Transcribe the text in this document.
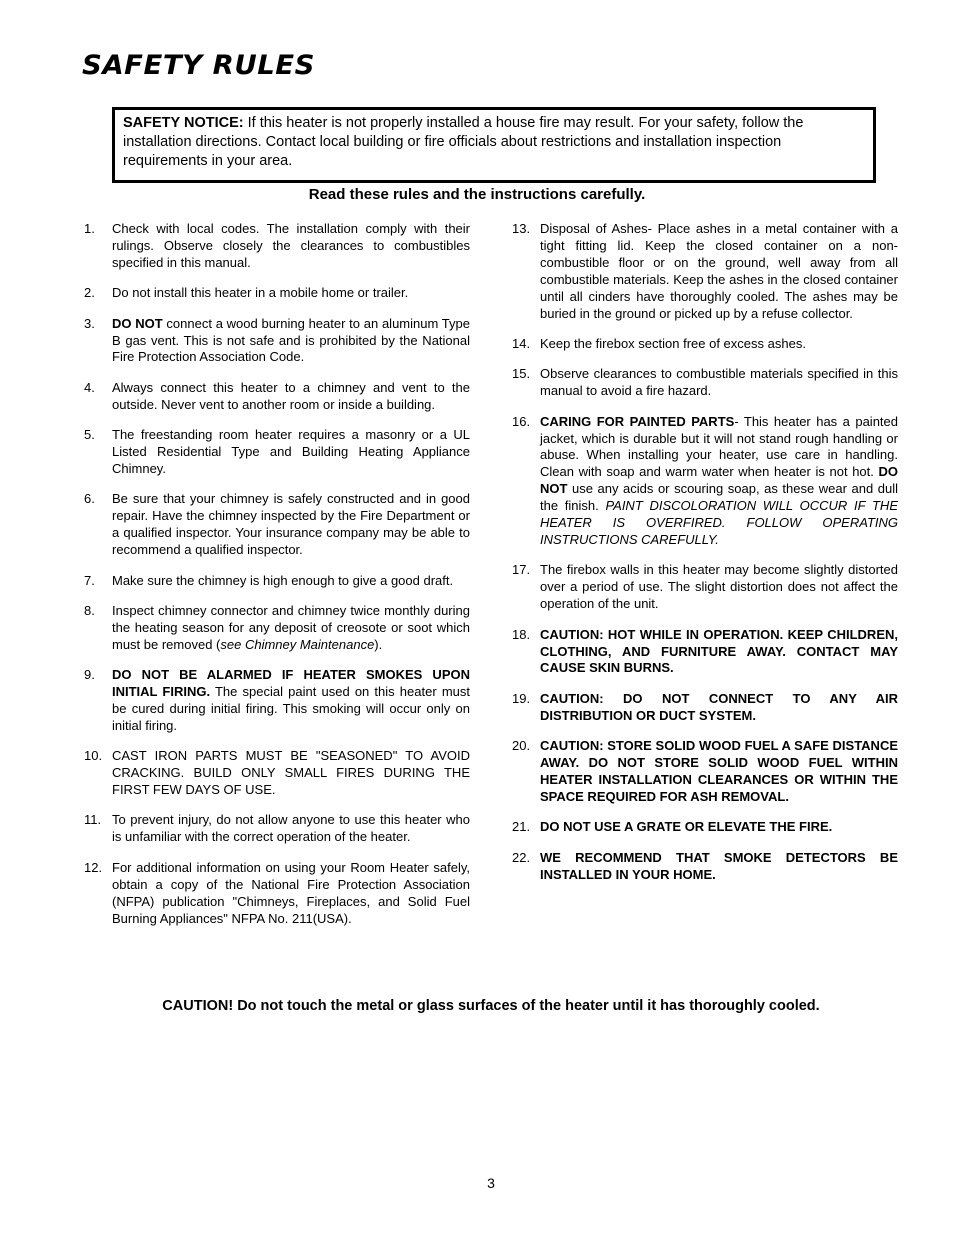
SAFETY RULES
SAFETY NOTICE: If this heater is not properly installed a house fire may result. For your safety, follow the installation directions. Contact local building or fire officials about restrictions and installation inspection requirements in your area.
Read these rules and the instructions carefully.
1.	Check with local codes. The installation comply with their rulings. Observe closely the clearances to combustibles specified in this manual.
2.	Do not install this heater in a mobile home or trailer.
3.	DO NOT connect a wood burning heater to an aluminum Type B gas vent. This is not safe and is prohibited by the National Fire Protection Association Code.
4.	Always connect this heater to a chimney and vent to the outside. Never vent to another room or inside a building.
5.	The freestanding room heater requires a masonry or a UL Listed Residential Type and Building Heating Appliance Chimney.
6.	Be sure that your chimney is safely constructed and in good repair. Have the chimney inspected by the Fire Department or a qualified inspector. Your insurance company may be able to recommend a qualified inspector.
7.	Make sure the chimney is high enough to give a good draft.
8.	Inspect chimney connector and chimney twice monthly during the heating season for any deposit of creosote or soot which must be removed (see Chimney Maintenance).
9.	DO NOT BE ALARMED IF HEATER SMOKES UPON INITIAL FIRING. The special paint used on this heater must be cured during initial firing. This smoking will occur only on initial firing.
10. CAST IRON PARTS MUST BE "SEASONED" TO AVOID CRACKING. BUILD ONLY SMALL FIRES DURING THE FIRST FEW DAYS OF USE.
11. To prevent injury, do not allow anyone to use this heater who is unfamiliar with the correct operation of the heater.
12. For additional information on using your Room Heater safely, obtain a copy of the National Fire Protection Association (NFPA) publication "Chimneys, Fireplaces, and Solid Fuel Burning Appliances" NFPA No. 211(USA).
13. Disposal of Ashes- Place ashes in a metal container with a tight fitting lid. Keep the closed container on a non-combustible floor or on the ground, well away from all combustible materials. Keep the ashes in the closed container until all cinders have thoroughly cooled. The ashes may be buried in the ground or picked up by a refuse collector.
14. Keep the firebox section free of excess ashes.
15. Observe clearances to combustible materials specified in this manual to avoid a fire hazard.
16. CARING FOR PAINTED PARTS- This heater has a painted jacket, which is durable but it will not stand rough handling or abuse. When installing your heater, use care in handling. Clean with soap and warm water when heater is not hot. DO NOT use any acids or scouring soap, as these wear and dull the finish. PAINT DISCOLORATION WILL OCCUR IF THE HEATER IS OVERFIRED. FOLLOW OPERATING INSTRUCTIONS CAREFULLY.
17. The firebox walls in this heater may become slightly distorted over a period of use. The slight distortion does not affect the operation of the unit.
18. CAUTION: HOT WHILE IN OPERATION. KEEP CHILDREN, CLOTHING, AND FURNITURE AWAY. CONTACT MAY CAUSE SKIN BURNS.
19. CAUTION: DO NOT CONNECT TO ANY AIR DISTRIBUTION OR DUCT SYSTEM.
20. CAUTION: STORE SOLID WOOD FUEL A SAFE DISTANCE AWAY. DO NOT STORE SOLID WOOD FUEL WITHIN HEATER INSTALLATION CLEARANCES OR WITHIN THE SPACE REQUIRED FOR ASH REMOVAL.
21. DO NOT USE A GRATE OR ELEVATE THE FIRE.
22. WE RECOMMEND THAT SMOKE DETECTORS BE INSTALLED IN YOUR HOME.
CAUTION! Do not touch the metal or glass surfaces of the heater until it has thoroughly cooled.
3
